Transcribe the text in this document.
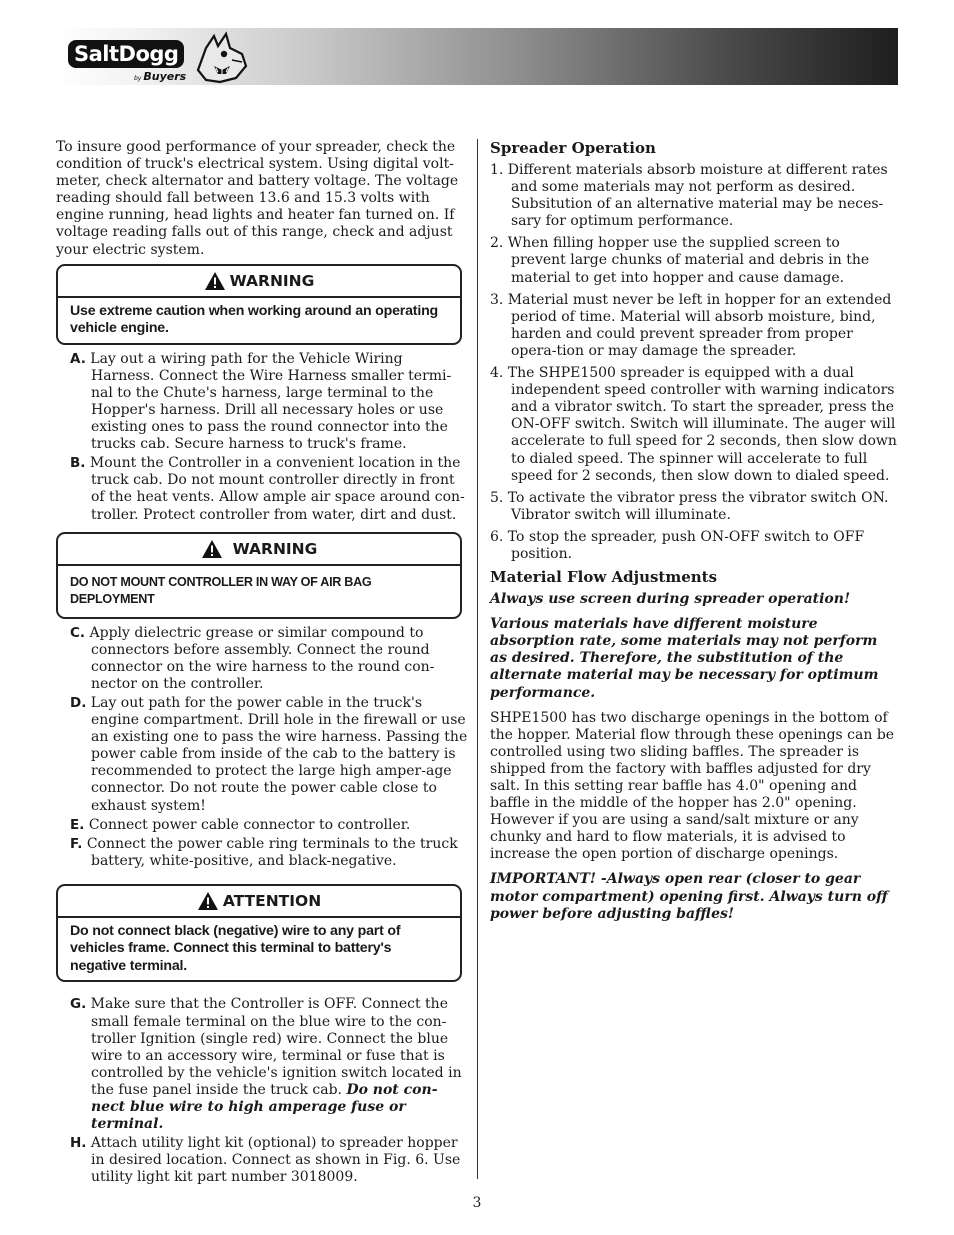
SaltDogg
by Buyers

To insure good performance of your spreader, check the condition of truck's electrical system. Using digital volt-meter, check alternator and battery voltage. The voltage reading should fall between 13.6 and 15.3 volts with engine running, head lights and heater fan turned on. If voltage reading falls out of this range, check and adjust your electric system.

WARNING
Use extreme caution when working around an operating vehicle engine.
A. Lay out a wiring path for the Vehicle Wiring Harness. Connect the Wire Harness smaller termi-nal to the Chute's harness, large terminal to the Hopper's harness. Drill all necessary holes or use existing ones to pass the round connector into the trucks cab. Secure harness to truck's frame.
B. Mount the Controller in a convenient location in the truck cab. Do not mount controller directly in front of the heat vents. Allow ample air space around con-troller. Protect controller from water, dirt and dust.
WARNING
DO NOT MOUNT CONTROLLER IN WAY OF AIR BAG DEPLOYMENT
C. Apply dielectric grease or similar compound to connectors before assembly. Connect the round connector on the wire harness to the round con-nector on the controller.
D. Lay out path for the power cable in the truck's engine compartment. Drill hole in the firewall or use an existing one to pass the wire harness. Passing the power cable from inside of the cab to the battery is recommended to protect the large high amper-age connector. Do not route the power cable close to exhaust system!
E. Connect power cable connector to controller.
F. Connect the power cable ring terminals to the truck battery, white-positive, and black-negative.
ATTENTION
Do not connect black (negative) wire to any part of vehicles frame. Connect this terminal to battery's negative terminal.
G. Make sure that the Controller is OFF. Connect the small female terminal on the blue wire to the con-troller Ignition (single red) wire. Connect the blue wire to an accessory wire, terminal or fuse that is controlled by the vehicle's ignition switch located in the fuse panel inside the truck cab. Do not con-nect blue wire to high amperage fuse or terminal.
H. Attach utility light kit (optional) to spreader hopper in desired location. Connect as shown in Fig. 6. Use utility light kit part number 3018009.
Spreader Operation
1. Different materials absorb moisture at different rates and some materials may not perform as desired. Subsitution of an alternative material may be neces-sary for optimum performance.
2. When filling hopper use the supplied screen to prevent large chunks of material and debris in the material to get into hopper and cause damage.
3. Material must never be left in hopper for an extended period of time. Material will absorb moisture, bind, harden and could prevent spreader from proper opera-tion or may damage the spreader.
4. The SHPE1500 spreader is equipped with a dual independent speed controller with warning indicators and a vibrator switch. To start the spreader, press the ON-OFF switch. Switch will illuminate. The auger will accelerate to full speed for 2 seconds, then slow down to dialed speed. The spinner will accelerate to full speed for 2 seconds, then slow down to dialed speed.
5. To activate the vibrator press the vibrator switch ON. Vibrator switch will illuminate.
6. To stop the spreader, push ON-OFF switch to OFF position.
Material Flow Adjustments

Always use screen during spreader operation!

Various materials have different moisture absorption rate, some materials may not perform as desired. Therefore, the substitution of the alternate material may be necessary for optimum performance.

SHPE1500 has two discharge openings in the bottom of the hopper. Material flow through these openings can be controlled using two sliding baffles. The spreader is shipped from the factory with baffles adjusted for dry salt. In this setting rear baffle has 4.0" opening and baffle in the middle of the hopper has 2.0" opening. However if you are using a sand/salt mixture or any chunky and hard to flow materials, it is advised to increase the open portion of discharge openings.

IMPORTANT! -Always open rear (closer to gear motor compartment) opening first. Always turn off power before adjusting baffles!

3
